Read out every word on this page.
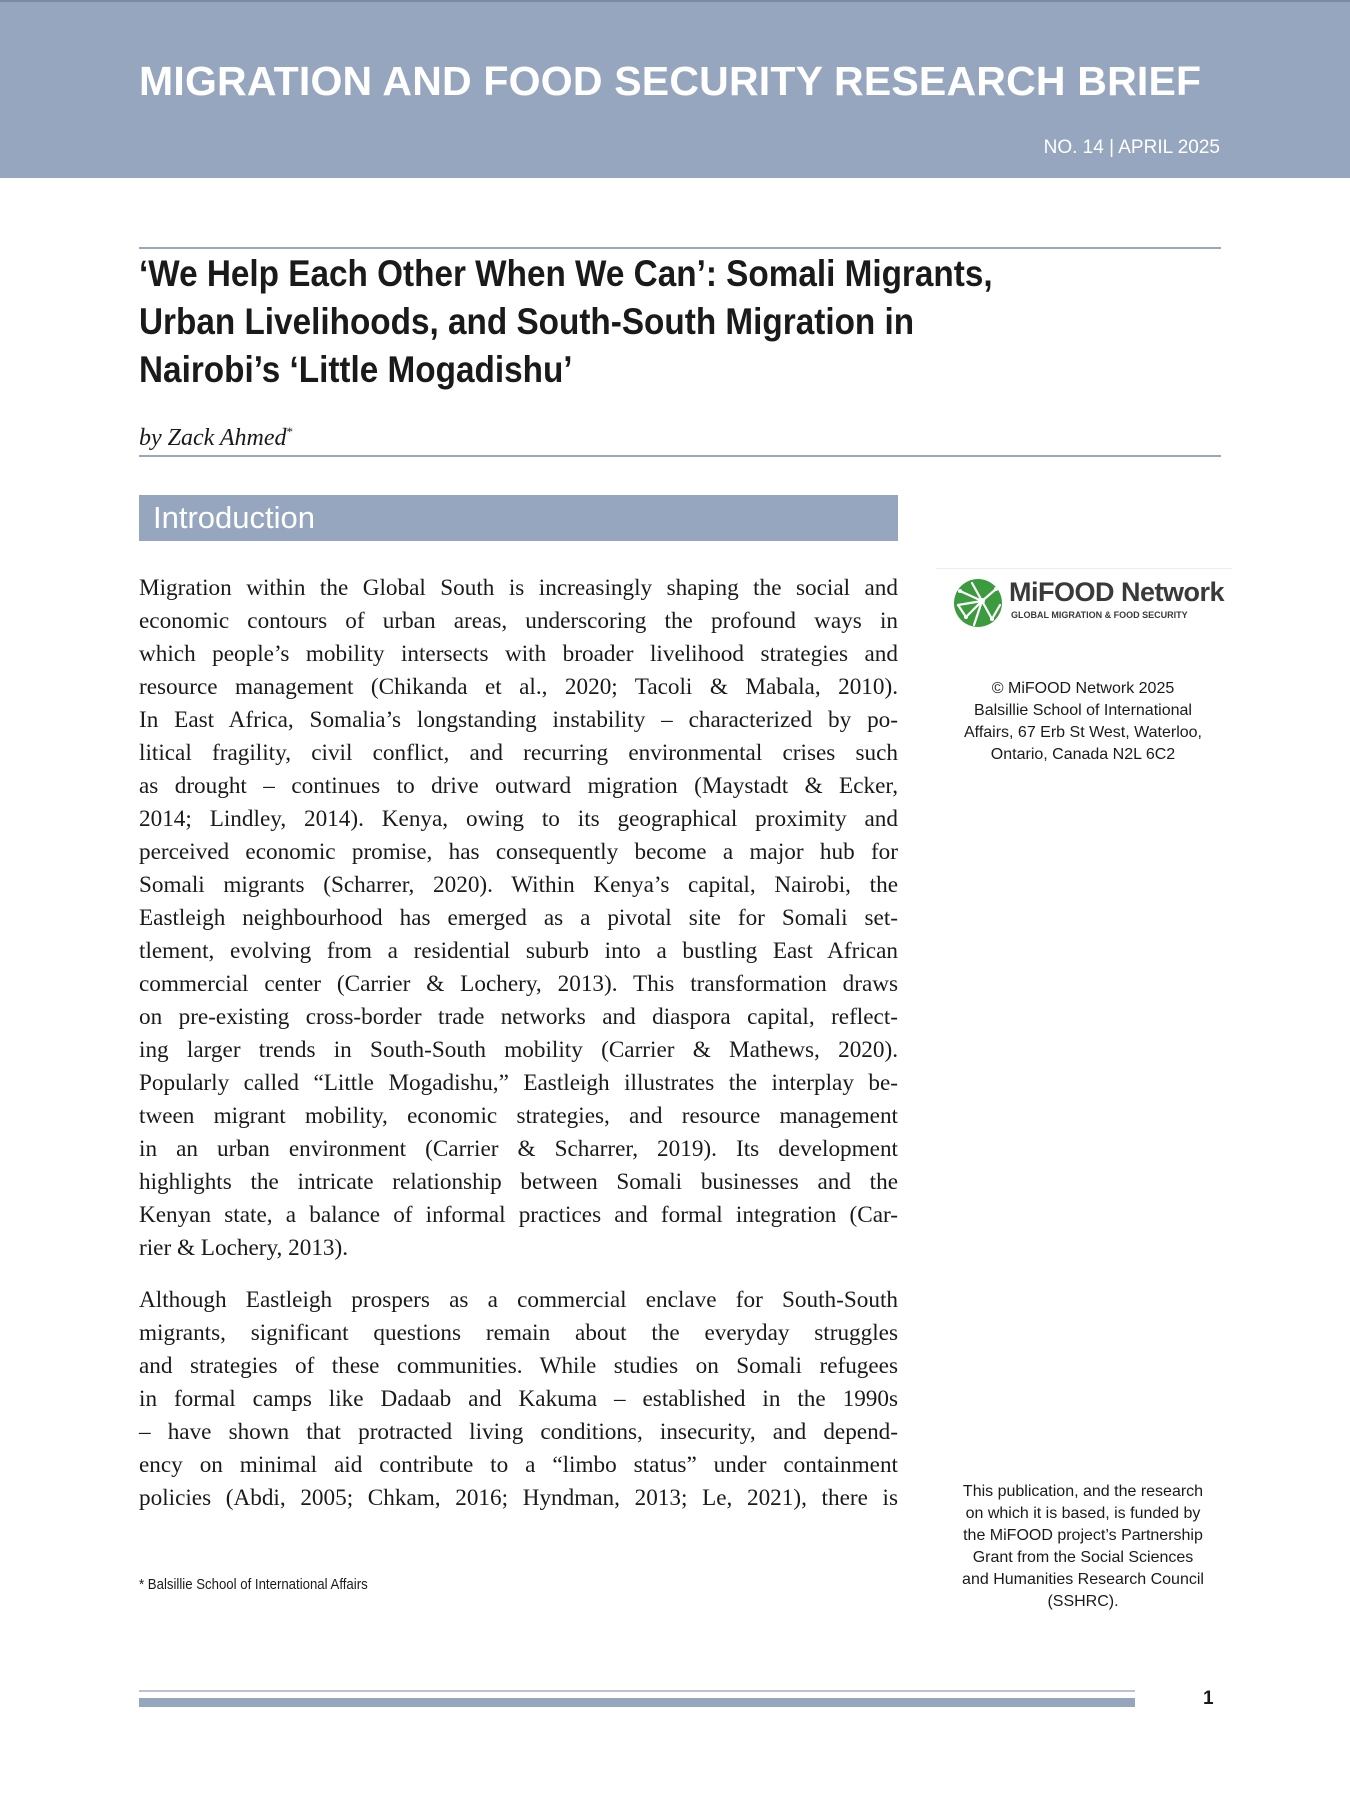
MIGRATION AND FOOD SECURITY RESEARCH BRIEF
NO. 14 | APRIL 2025
‘We Help Each Other When We Can’: Somali Migrants,
Urban Livelihoods, and South-South Migration in
Nairobi’s ‘Little Mogadishu’
by Zack Ahmed*
Introduction
Migration within the Global South is increasingly shaping the social and
economic contours of urban areas, underscoring the profound ways in
which people’s mobility intersects with broader livelihood strategies and
resource management (Chikanda et al., 2020; Tacoli & Mabala, 2010).
In East Africa, Somalia’s longstanding instability – characterized by po-
litical fragility, civil conflict, and recurring environmental crises such
as drought – continues to drive outward migration (Maystadt & Ecker,
2014; Lindley, 2014). Kenya, owing to its geographical proximity and
perceived economic promise, has consequently become a major hub for
Somali migrants (Scharrer, 2020). Within Kenya’s capital, Nairobi, the
Eastleigh neighbourhood has emerged as a pivotal site for Somali set-
tlement, evolving from a residential suburb into a bustling East African
commercial center (Carrier & Lochery, 2013). This transformation draws
on pre-existing cross-border trade networks and diaspora capital, reflect-
ing larger trends in South-South mobility (Carrier & Mathews, 2020).
Popularly called “Little Mogadishu,” Eastleigh illustrates the interplay be-
tween migrant mobility, economic strategies, and resource management
in an urban environment (Carrier & Scharrer, 2019). Its development
highlights the intricate relationship between Somali businesses and the
Kenyan state, a balance of informal practices and formal integration (Car-
rier & Lochery, 2013).
Although Eastleigh prospers as a commercial enclave for South-South
migrants, significant questions remain about the everyday struggles
and strategies of these communities. While studies on Somali refugees
in formal camps like Dadaab and Kakuma – established in the 1990s
– have shown that protracted living conditions, insecurity, and depend-
ency on minimal aid contribute to a “limbo status” under containment
policies (Abdi, 2005; Chkam, 2016; Hyndman, 2013; Le, 2021), there is
* Balsillie School of International Affairs
MiFOOD Network
GLOBAL MIGRATION & FOOD SECURITY
© MiFOOD Network 2025
Balsillie School of International
Affairs, 67 Erb St West, Waterloo,
Ontario, Canada N2L 6C2
This publication, and the research
on which it is based, is funded by
the MiFOOD project’s Partnership
Grant from the Social Sciences
and Humanities Research Council
(SSHRC).
1
